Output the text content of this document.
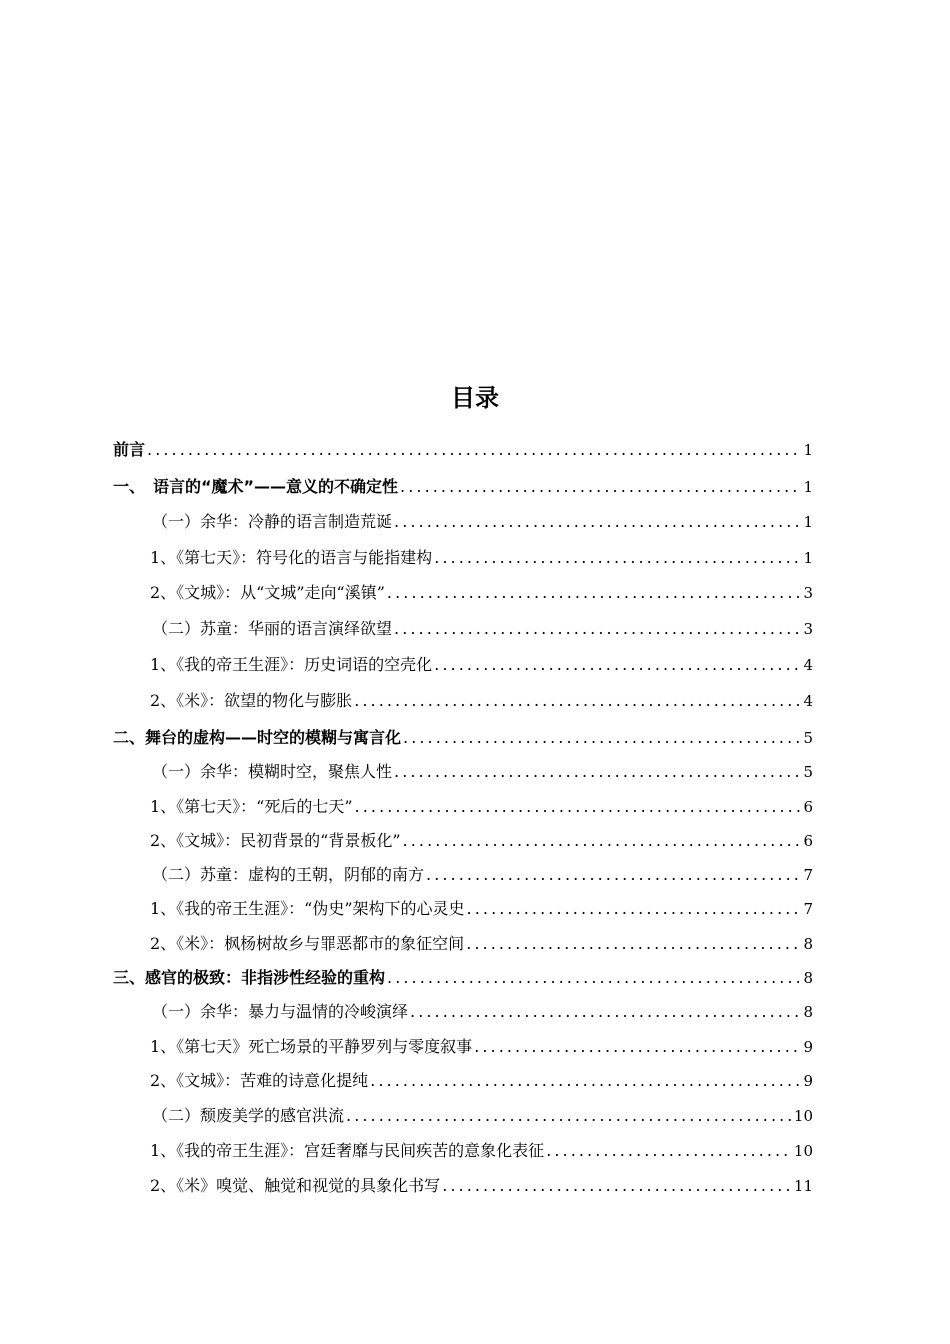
目录
前言 . . .	1
一、　语言的“魔术”——意义的不确定性 . . .	1
（一）余华：冷静的语言制造荒诞 . . .	1
1、《第七天》：符号化的语言与能指建构 . . .	1
2、《文城》：从“文城”走向“溪镇” . . .	3
（二）苏童：华丽的语言演绎欲望 . . .	3
1、《我的帝王生涯》：历史词语的空壳化 . . .	4
2、《米》：欲望的物化与膨胀 . . .	4
二、舞台的虚构——时空的模糊与寓言化 . . .	5
（一）余华：模糊时空，聚焦人性 . . .	5
1、《第七天》：“死后的七天” . . .	6
2、《文城》：民初背景的“背景板化” . . .	6
（二）苏童：虚构的王朝，阴郁的南方 . . .	7
1、《我的帝王生涯》：“伪史”架构下的心灵史 . . .	7
2、《米》：枫杨树故乡与罪恶都市的象征空间 . . .	8
三、感官的极致：非指涉性经验的重构 . . .	8
（一）余华：暴力与温情的冷峻演绎 . . .	8
1、《第七天》死亡场景的平静罗列与零度叙事 . . .	9
2、《文城》：苦难的诗意化提纯 . . .	9
（二）颓废美学的感官洪流 . . .	10
1、《我的帝王生涯》：宫廷奢靡与民间疾苦的意象化表征 . . .	10
2、《米》嗅觉、触觉和视觉的具象化书写 . . .	11
